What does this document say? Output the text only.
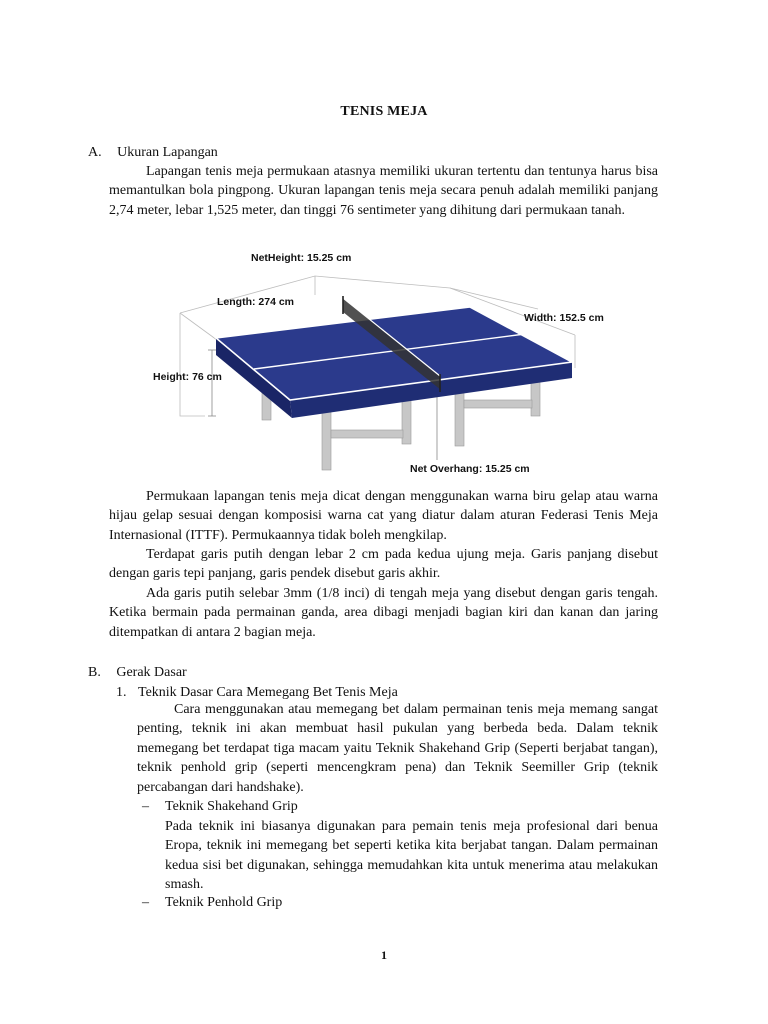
TENIS MEJA
A. Ukuran Lapangan
Lapangan tenis meja permukaan atasnya memiliki ukuran tertentu dan tentunya harus bisa memantulkan bola pingpong. Ukuran lapangan tenis meja secara penuh adalah memiliki panjang 2,74 meter, lebar 1,525 meter, dan tinggi 76 sentimeter yang dihitung dari permukaan tanah.
NetHeight: 15.25 cm
Length: 274 cm
Width: 152.5 cm
Height: 76 cm
Net Overhang: 15.25 cm
Permukaan lapangan tenis meja dicat dengan menggunakan warna biru gelap atau warna hijau gelap sesuai dengan komposisi warna cat yang diatur dalam aturan Federasi Tenis Meja Internasional (ITTF). Permukaannya tidak boleh mengkilap.
Terdapat garis putih dengan lebar 2 cm pada kedua ujung meja. Garis panjang disebut dengan garis tepi panjang, garis pendek disebut garis akhir.
Ada garis putih selebar 3mm (1/8 inci) di tengah meja yang disebut dengan garis tengah. Ketika bermain pada permainan ganda, area dibagi menjadi bagian kiri dan kanan dan jaring ditempatkan di antara 2 bagian meja.
B. Gerak Dasar
1. Teknik Dasar Cara Memegang Bet Tenis Meja
Cara menggunakan atau memegang bet dalam permainan tenis meja memang sangat penting, teknik ini akan membuat hasil pukulan yang berbeda beda. Dalam teknik memegang bet terdapat tiga macam yaitu Teknik Shakehand Grip (Seperti berjabat tangan), teknik penhold grip (seperti mencengkram pena) dan Teknik Seemiller Grip (teknik percabangan dari handshake).
– Teknik Shakehand Grip
Pada teknik ini biasanya digunakan para pemain tenis meja profesional dari benua Eropa, teknik ini memegang bet seperti ketika kita berjabat tangan. Dalam permainan kedua sisi bet digunakan, sehingga memudahkan kita untuk menerima atau melakukan smash.
– Teknik Penhold Grip
1
